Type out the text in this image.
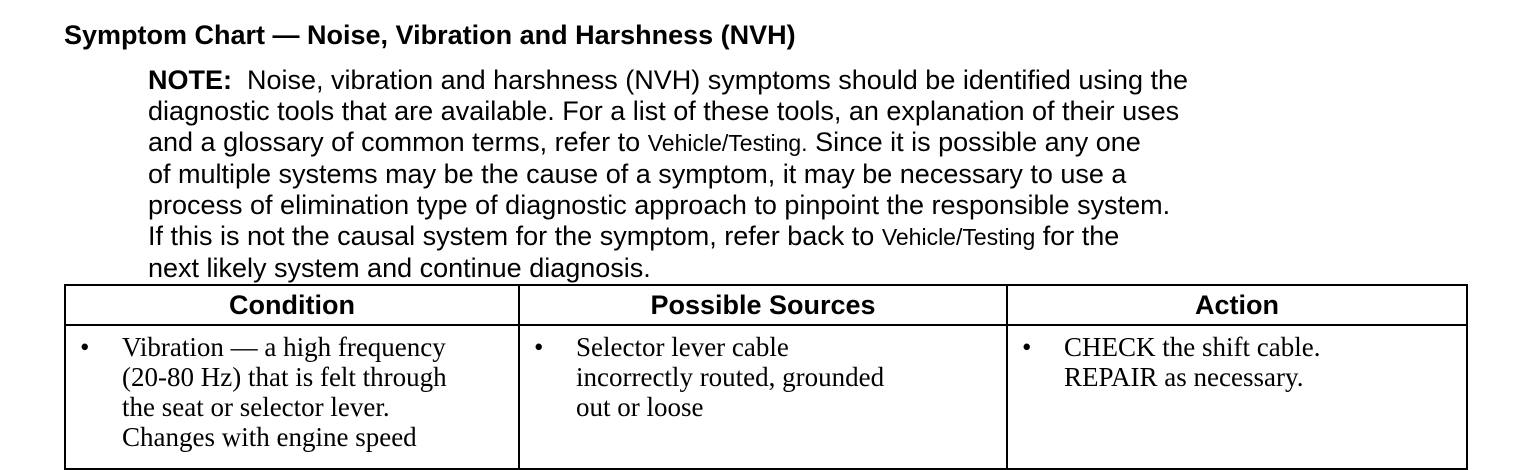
Symptom Chart — Noise, Vibration and Harshness (NVH)
NOTE: Noise, vibration and harshness (NVH) symptoms should be identified using the
diagnostic tools that are available. For a list of these tools, an explanation of their uses
and a glossary of common terms, refer to Vehicle/Testing. Since it is possible any one
of multiple systems may be the cause of a symptom, it may be necessary to use a
process of elimination type of diagnostic approach to pinpoint the responsible system.
If this is not the causal system for the symptom, refer back to Vehicle/Testing for the
next likely system and continue diagnosis.
Condition	Possible Sources	Action

• Vibration — a high frequency
(20-80 Hz) that is felt through
the seat or selector lever.
Changes with engine speed	• Selector lever cable
incorrectly routed, grounded
out or loose	• CHECK the shift cable.
REPAIR as necessary.
